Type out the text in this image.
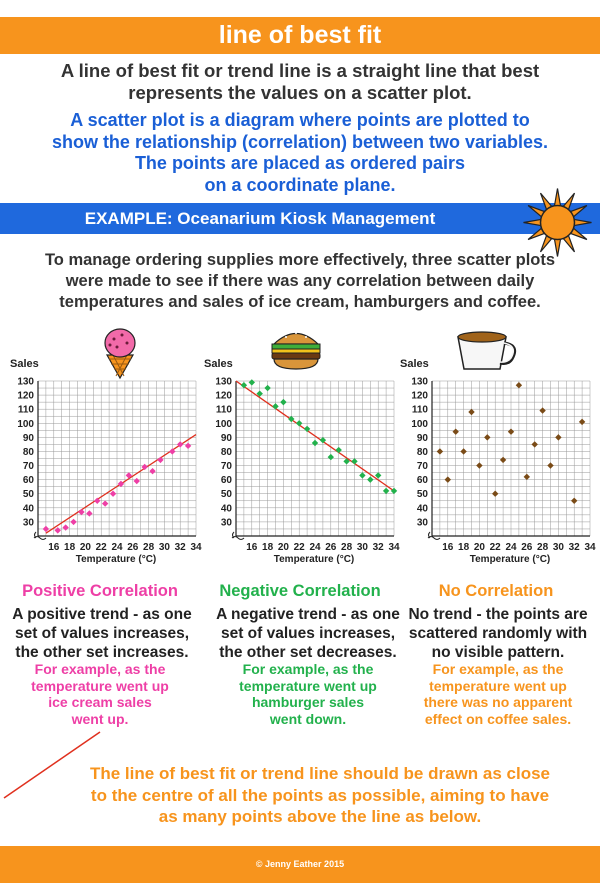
line of best fit
A line of best fit or trend line is a straight line that best
represents the values on a scatter plot.
A scatter plot is a diagram where points are plotted to
show the relationship (correlation) between two variables.
The points are placed as ordered pairs
on a coordinate plane.
EXAMPLE: Oceanarium Kiosk Management
To manage ordering supplies more effectively, three scatter plots
were made to see if there was any correlation between daily
temperatures and sales of ice cream, hamburgers and coffee.
Sales
30
40
50
60
70
80
90
100
110
120
130
16 18 20 22 24 26 28 30 32 34
Temperature (°C)
Sales
30
40
50
60
70
80
90
100
110
120
130
16 18 20 22 24 26 28 30 32 34
Temperature (°C)
Sales
30
40
50
60
70
80
90
100
110
120
130
16 18 20 22 24 26 28 30 32 34
Temperature (°C)
Positive Correlation	Negative Correlation	No Correlation
A positive trend - as one
set of values increases,
the other set increases.
A negative trend - as one
set of values increases,
the other set decreases.
No trend - the points are
scattered randomly with
no visible pattern.
For example, as the
temperature went up
ice cream sales
went up.
For example, as the
temperature went up
hamburger sales
went down.
For example, as the
temperature went up
there was no apparent
effect on coffee sales.
The line of best fit or trend line should be drawn as close
to the centre of all the points as possible, aiming to have
as many points above the line as below.
© Jenny Eather 2015
